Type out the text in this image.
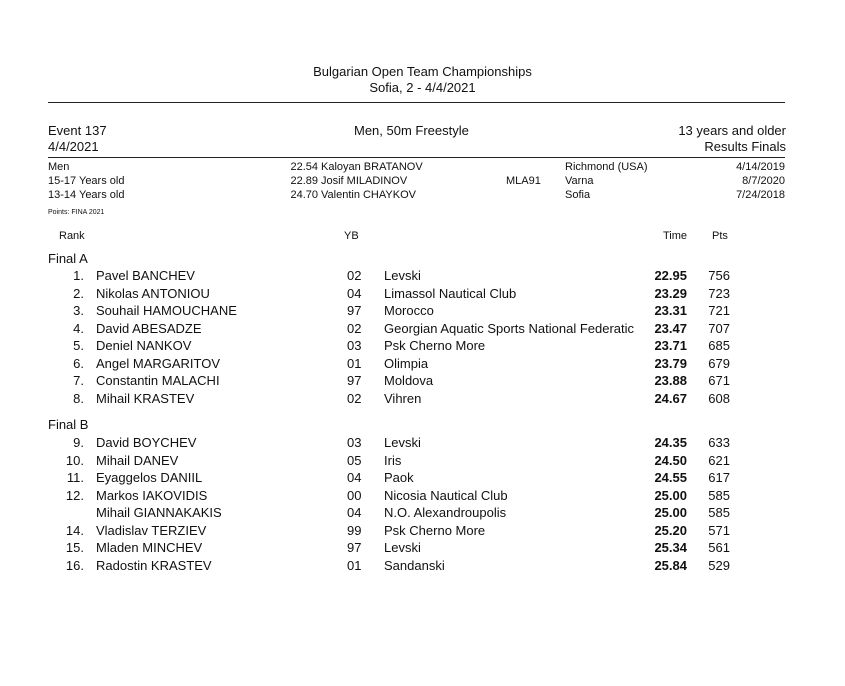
Bulgarian Open Team Championships
Sofia, 2 - 4/4/2021
Event 137
4/4/2021
Men, 50m Freestyle	13 years and older
Results Finals
Men	22.54 Kaloyan BRATANOV	Richmond (USA)	4/14/2019
15-17 Years old	22.89 Josif MILADINOV	MLA91 Varna	8/7/2020
13-14 Years old	24.70 Valentin CHAYKOV	Sofia	7/24/2018
Points: FINA 2021
Rank	YB	Time Pts
Final A
Final B
1. Pavel BANCHEV	02 Levski	22.95	756
2. Nikolas ANTONIOU	04 Limassol Nautical Club	23.29	723
3. Souhail HAMOUCHANE	97 Morocco	23.31	721
4. David ABESADZE	02 Georgian Aquatic Sports National Federatic	23.47	707
5. Deniel NANKOV	03 Psk Cherno More	23.71	685
6. Angel MARGARITOV	01 Olimpia	23.79	679
7. Constantin MALACHI	97 Moldova	23.88	671
8. Mihail KRASTEV	02 Vihren	24.67	608
9. David BOYCHEV	03 Levski	24.35	633
10. Mihail DANEV	05 Iris	24.50	621
11. Eyaggelos DANIIL	04 Paok	24.55	617
12. Markos IAKOVIDIS	00 Nicosia Nautical Club	25.00	585
Mihail GIANNAKAKIS	04 N.O. Alexandroupolis	25.00	585
14. Vladislav TERZIEV	99 Psk Cherno More	25.20	571
15. Mladen MINCHEV	97 Levski	25.34	561
16. Radostin KRASTEV	01 Sandanski	25.84	529
